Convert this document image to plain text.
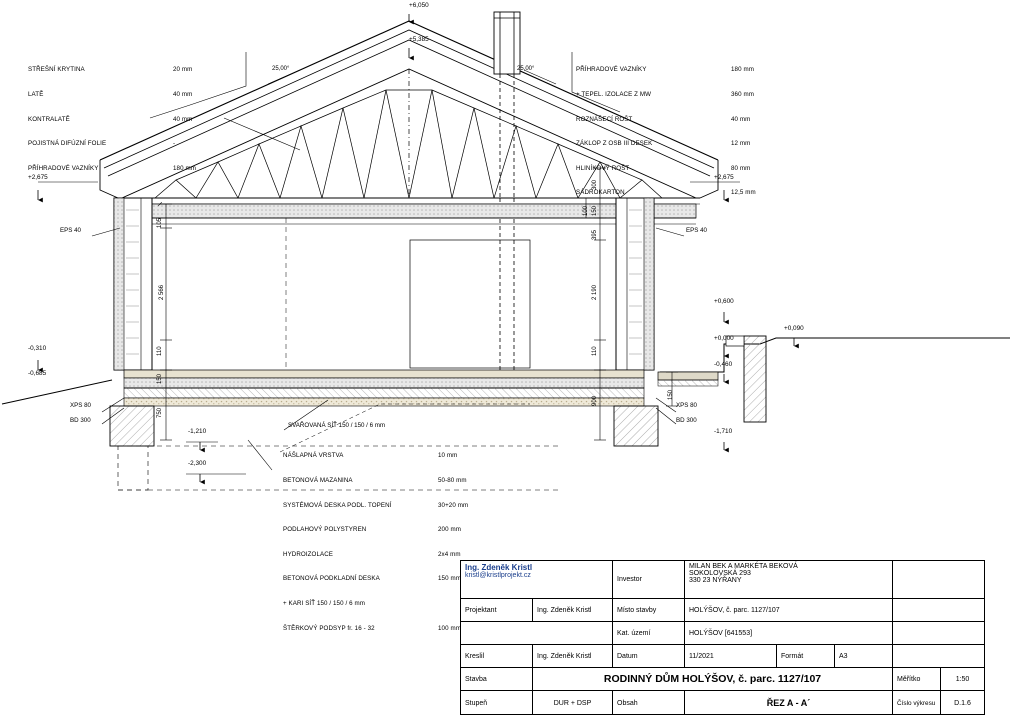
STŘEŠNÍ KRYTINA	20 mm

LATĚ	40 mm

KONTRALATĚ	40 mm

POJISTNÁ DIFÚZNÍ FOLIE	-

PŘÍHRADOVÉ VAZNÍKY	180 mm

PŘÍHRADOVÉ VAZNÍKY	180 mm

+ TEPEL. IZOLACE Z MW	360 mm

ROZNÁŠECÍ ROŠT	40 mm

ZÁKLOP Z OSB III DESEK	12 mm

HLINÍKOVÝ ROŠT	80 mm

SÁDROKARTON	12,5 mm

NÁŠLAPNÁ VRSTVA	10 mm

BETONOVÁ MAZANINA	50-80 mm

SYSTÉMOVÁ DESKA PODL. TOPENÍ	30+20 mm

PODLAHOVÝ POLYSTYREN	200 mm

HYDROIZOLACE	2x4 mm

BETONOVÁ PODKLADNÍ DESKA	150 mm

+ KARI SÍŤ 150 / 150 / 6 mm

ŠTĚRKOVÝ PODSYP fr. 16 - 32	100 mm

+6,050
+5,385
+2,675	+2,675
-0,310
-0,685
+0,600
+0,000
+0,090
-0,460
-1,210	-1,710
-2,300
25,00°	25,00°
EPS 40	EPS 40
XPS 80
BD 300
XPS 80
BD 300
SVAŘOVANÁ SÍŤ 150 / 150 / 6 mm
105
2 566
110
150
750
300
100 150
395
2 190
110
900
150
Ing. Zdeněk Kristl
kristl@kristlprojekt.cz
Investor
MILAN BEK A MARKÉTA BEKOVÁ
SOKOLOVSKÁ 293
330 23 NÝŘANY
Projektant	Ing. Zdeněk Kristl	Místo stavby	HOLÝŠOV, č. parc. 1127/107
Kat. území	HOLÝŠOV [641553]
Kreslil	Ing. Zdeněk Kristl	Datum	11/2021	Formát	A3
Stavba	RODINNÝ DŮM HOLÝŠOV, č. parc. 1127/107	Měřítko	1:50
Stupeň	DUR + DSP	Obsah	ŘEZ A - A´	Číslo výkresu	D.1.6
